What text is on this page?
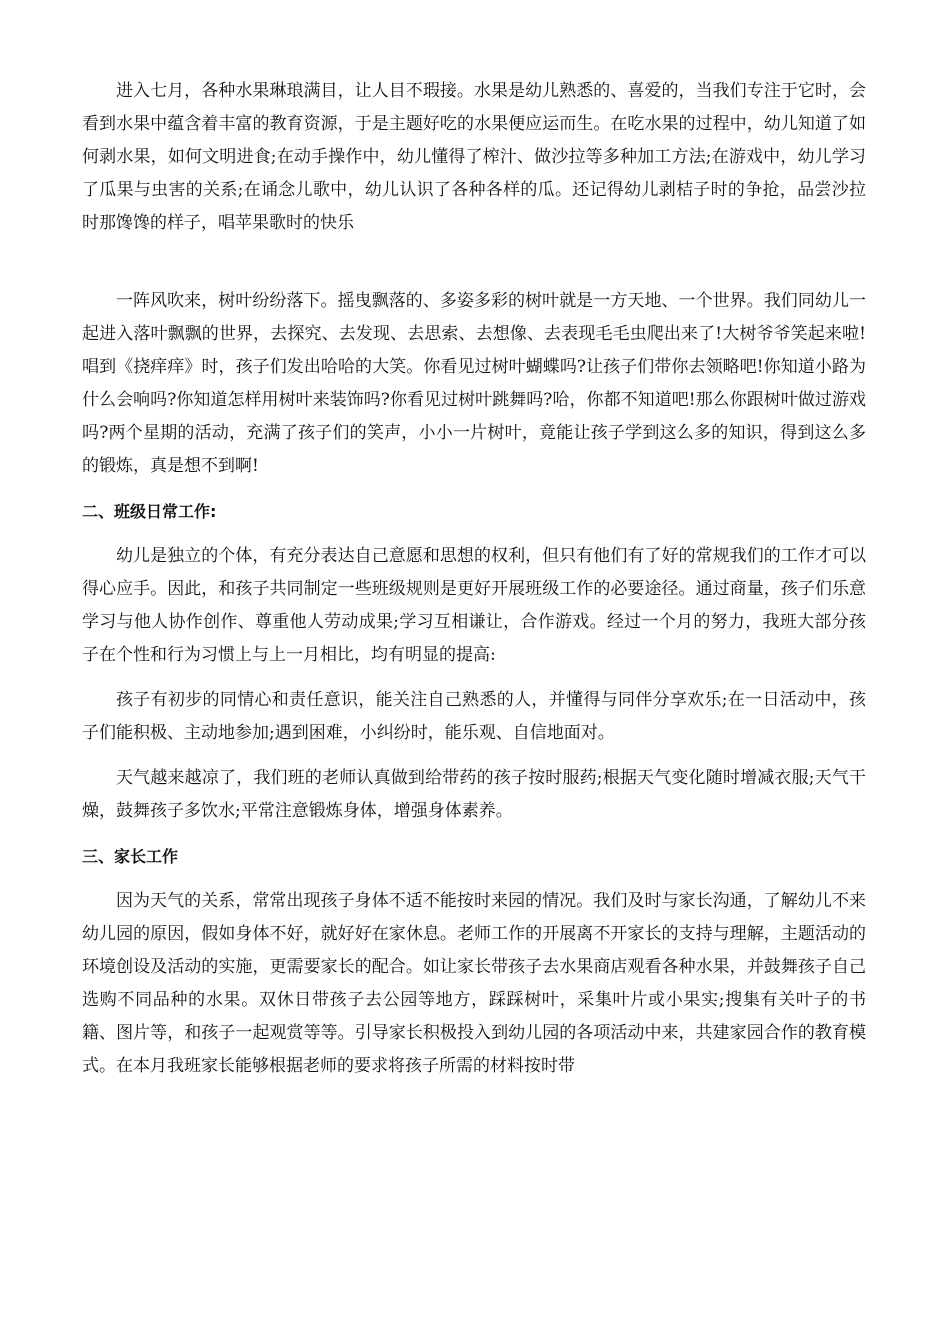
进入七月，各种水果琳琅满目，让人目不瑕接。水果是幼儿熟悉的、喜爱的，当我们专注于它时，会看到水果中蕴含着丰富的教育资源，于是主题好吃的水果便应运而生。在吃水果的过程中，幼儿知道了如何剥水果，如何文明进食;在动手操作中，幼儿懂得了榨汁、做沙拉等多种加工方法;在游戏中，幼儿学习了瓜果与虫害的关系;在诵念儿歌中，幼儿认识了各种各样的瓜。还记得幼儿剥桔子时的争抢，品尝沙拉时那馋馋的样子，唱苹果歌时的快乐

一阵风吹来，树叶纷纷落下。摇曳飘落的、多姿多彩的树叶就是一方天地、一个世界。我们同幼儿一起进入落叶飘飘的世界，去探究、去发现、去思索、去想像、去表现毛毛虫爬出来了!大树爷爷笑起来啦!唱到《挠痒痒》时，孩子们发出哈哈的大笑。你看见过树叶蝴蝶吗?让孩子们带你去领略吧!你知道小路为什么会响吗?你知道怎样用树叶来装饰吗?你看见过树叶跳舞吗?哈，你都不知道吧!那么你跟树叶做过游戏吗?两个星期的活动，充满了孩子们的笑声，小小一片树叶，竟能让孩子学到这么多的知识，得到这么多的锻炼，真是想不到啊!

二、班级日常工作:

幼儿是独立的个体，有充分表达自己意愿和思想的权利，但只有他们有了好的常规我们的工作才可以得心应手。因此，和孩子共同制定一些班级规则是更好开展班级工作的必要途径。通过商量，孩子们乐意学习与他人协作创作、尊重他人劳动成果;学习互相谦让，合作游戏。经过一个月的努力，我班大部分孩子在个性和行为习惯上与上一月相比，均有明显的提高:

孩子有初步的同情心和责任意识，能关注自己熟悉的人，并懂得与同伴分享欢乐;在一日活动中，孩子们能积极、主动地参加;遇到困难，小纠纷时，能乐观、自信地面对。

天气越来越凉了，我们班的老师认真做到给带药的孩子按时服药;根据天气变化随时增减衣服;天气干燥，鼓舞孩子多饮水;平常注意锻炼身体，增强身体素养。

三、家长工作

因为天气的关系，常常出现孩子身体不适不能按时来园的情况。我们及时与家长沟通，了解幼儿不来幼儿园的原因，假如身体不好，就好好在家休息。老师工作的开展离不开家长的支持与理解，主题活动的环境创设及活动的实施，更需要家长的配合。如让家长带孩子去水果商店观看各种水果，并鼓舞孩子自己选购不同品种的水果。双休日带孩子去公园等地方，踩踩树叶，采集叶片或小果实;搜集有关叶子的书籍、图片等，和孩子一起观赏等等。引导家长积极投入到幼儿园的各项活动中来，共建家园合作的教育模式。在本月我班家长能够根据老师的要求将孩子所需的材料按时带
